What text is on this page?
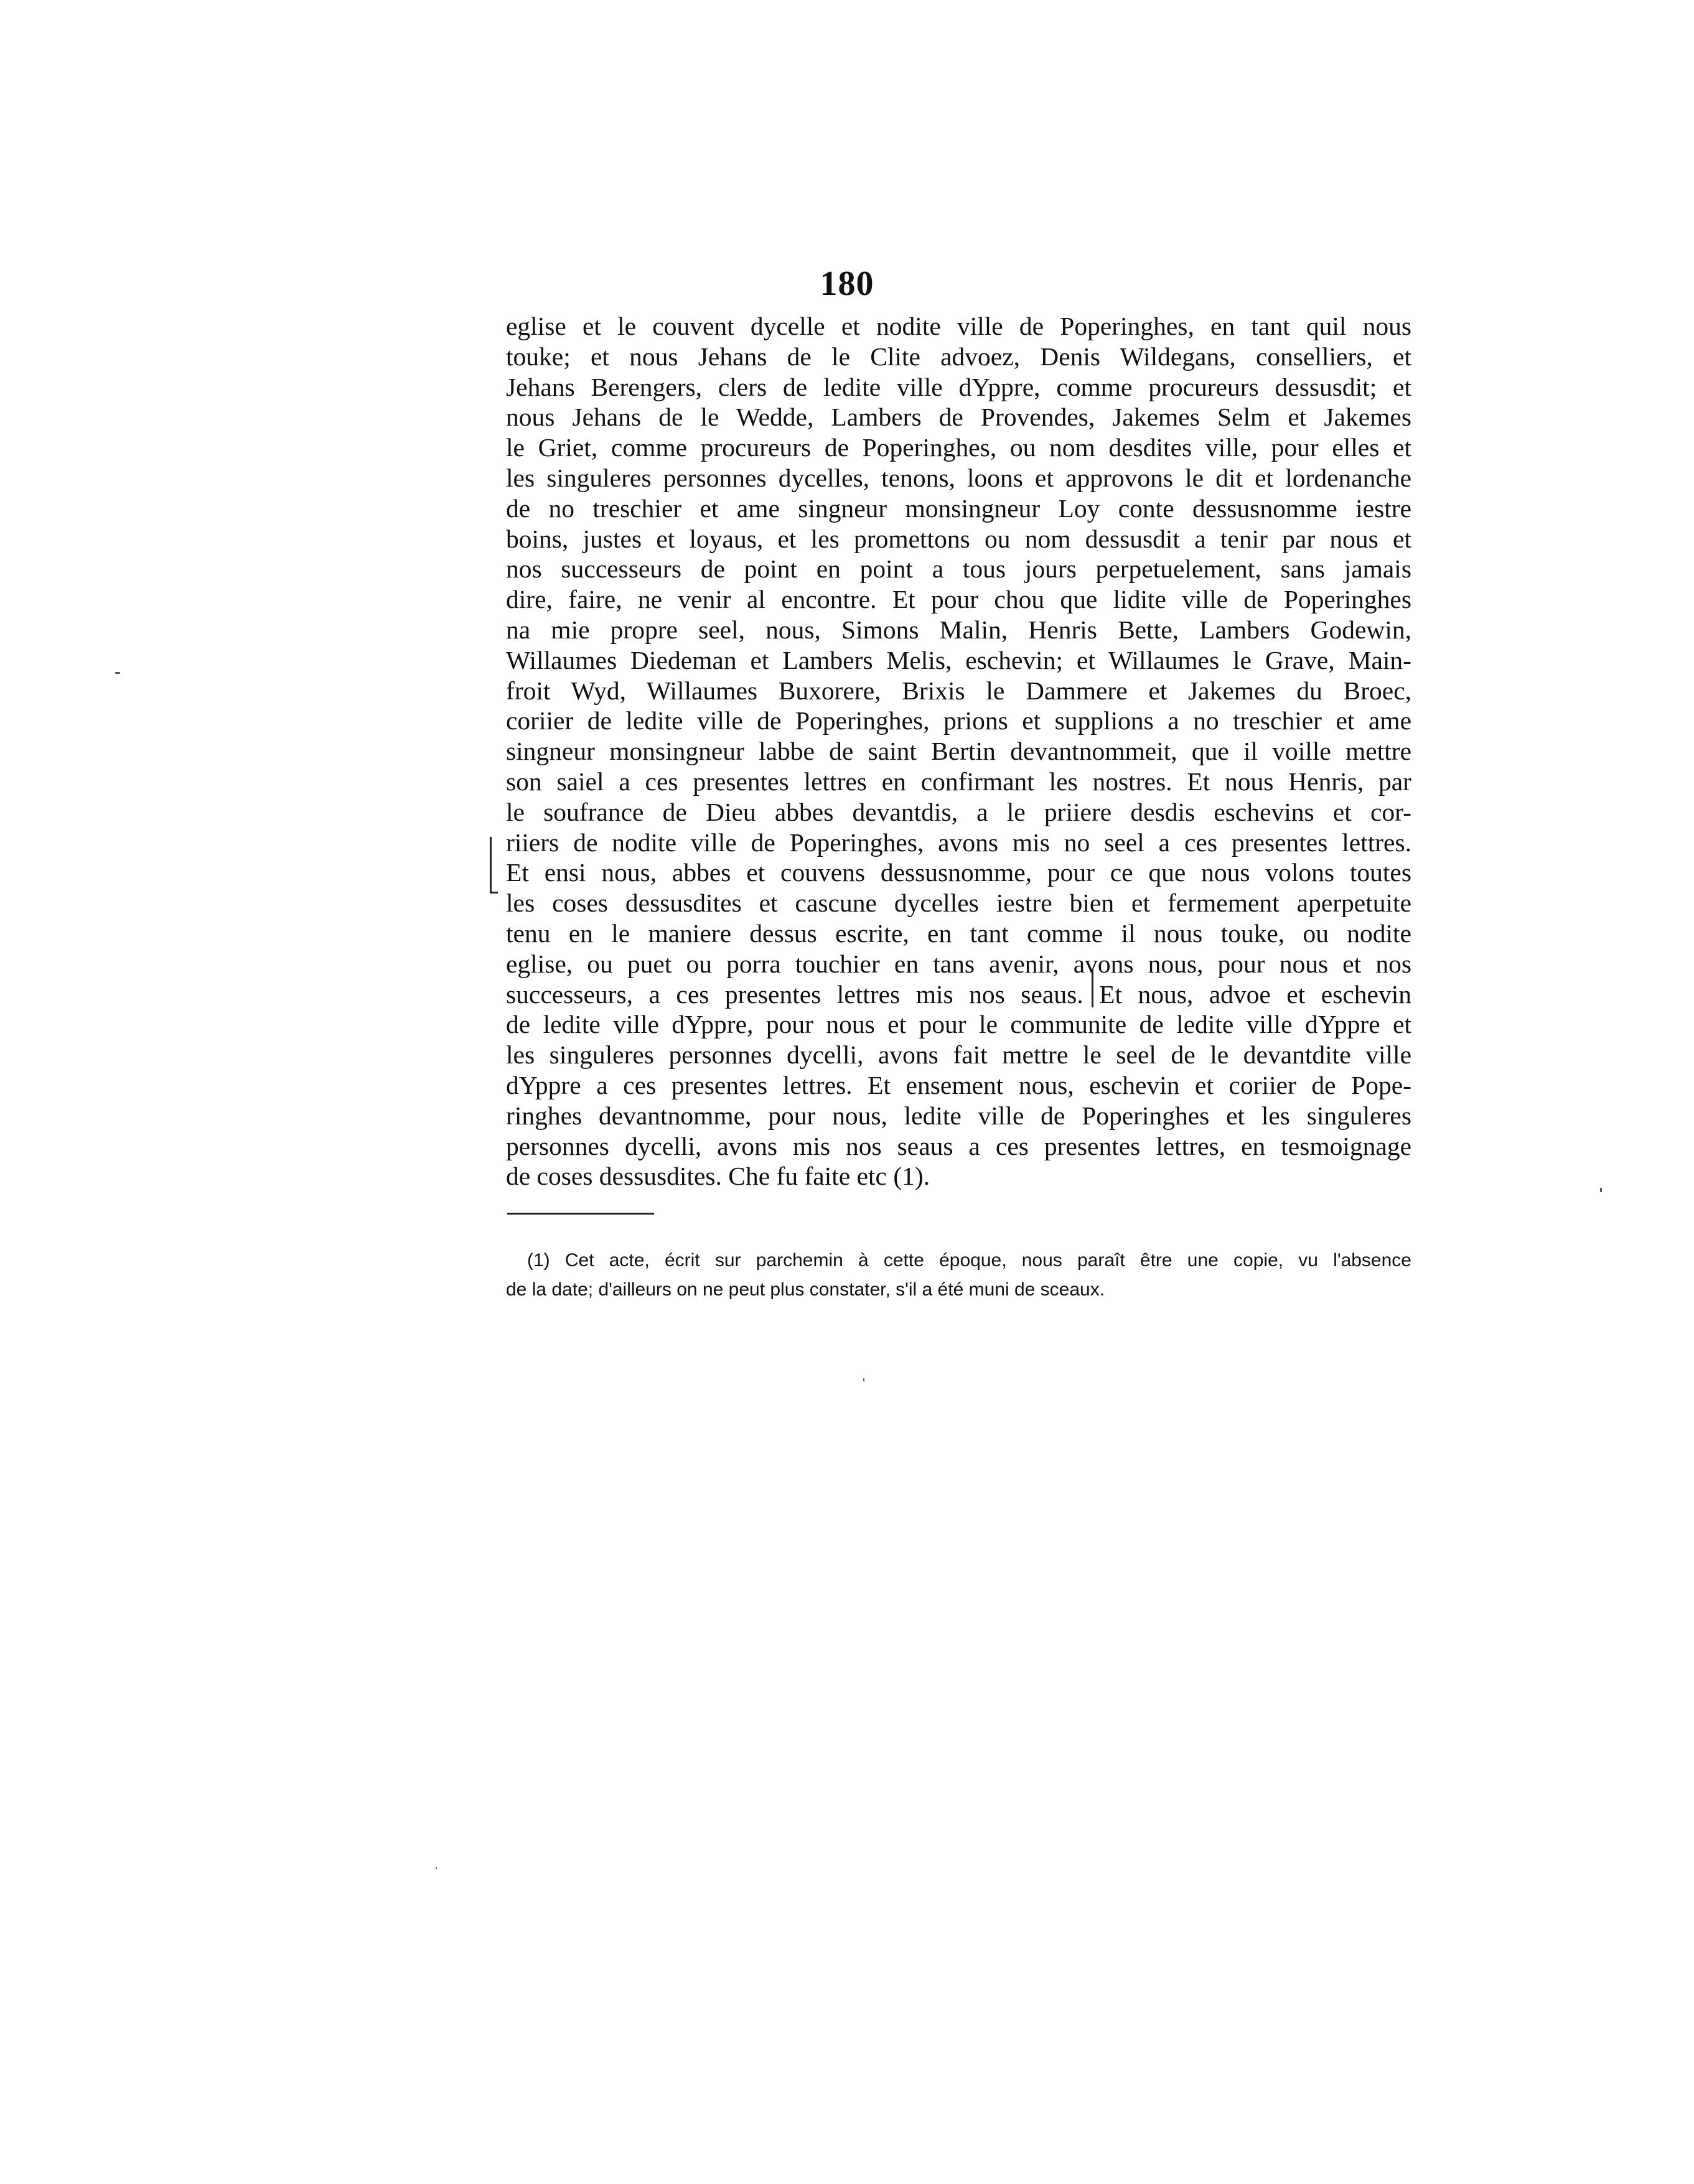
180
eglise et le couvent dycelle et nodite ville de Poperinghes, en tant quil nous
touke; et nous Jehans de le Clite advoez, Denis Wildegans, conselliers, et
Jehans Berengers, clers de ledite ville dYppre, comme procureurs dessusdit; et
nous Jehans de le Wedde, Lambers de Provendes, Jakemes Selm et Jakemes
le Griet, comme procureurs de Poperinghes, ou nom desdites ville, pour elles et
les singuleres personnes dycelles, tenons, loons et approvons le dit et lordenanche
de no treschier et ame singneur monsingneur Loy conte dessusnomme iestre
boins, justes et loyaus, et les promettons ou nom dessusdit a tenir par nous et
nos successeurs de point en point a tous jours perpetuelement, sans jamais
dire, faire, ne venir al encontre. Et pour chou que lidite ville de Poperinghes
na mie propre seel, nous, Simons Malin, Henris Bette, Lambers Godewin,
Willaumes Diedeman et Lambers Melis, eschevin; et Willaumes le Grave, Main-
froit Wyd, Willaumes Buxorere, Brixis le Dammere et Jakemes du Broec,
coriier de ledite ville de Poperinghes, prions et supplions a no treschier et ame
singneur monsingneur labbe de saint Bertin devantnommeit, que il voille mettre
son saiel a ces presentes lettres en confirmant les nostres. Et nous Henris, par
le soufrance de Dieu abbes devantdis, a le priiere desdis eschevins et cor-
riiers de nodite ville de Poperinghes, avons mis no seel a ces presentes lettres.
Et ensi nous, abbes et couvens dessusnomme, pour ce que nous volons toutes
les coses dessusdites et cascune dycelles iestre bien et fermement aperpetuite
tenu en le maniere dessus escrite, en tant comme il nous touke, ou nodite
eglise, ou puet ou porra touchier en tans avenir, avons nous, pour nous et nos
successeurs, a ces presentes lettres mis nos seaus. Et nous, advoe et eschevin
de ledite ville dYppre, pour nous et pour le communite de ledite ville dYppre et
les singuleres personnes dycelli, avons fait mettre le seel de le devantdite ville
dYppre a ces presentes lettres. Et ensement nous, eschevin et coriier de Pope-
ringhes devantnomme, pour nous, ledite ville de Poperinghes et les singuleres
personnes dycelli, avons mis nos seaus a ces presentes lettres, en tesmoignage
de coses dessusdites. Che fu faite etc (1).
(1) Cet acte, écrit sur parchemin à cette époque, nous paraît être une copie, vu l'absence
de la date; d'ailleurs on ne peut plus constater, s'il a été muni de sceaux.
